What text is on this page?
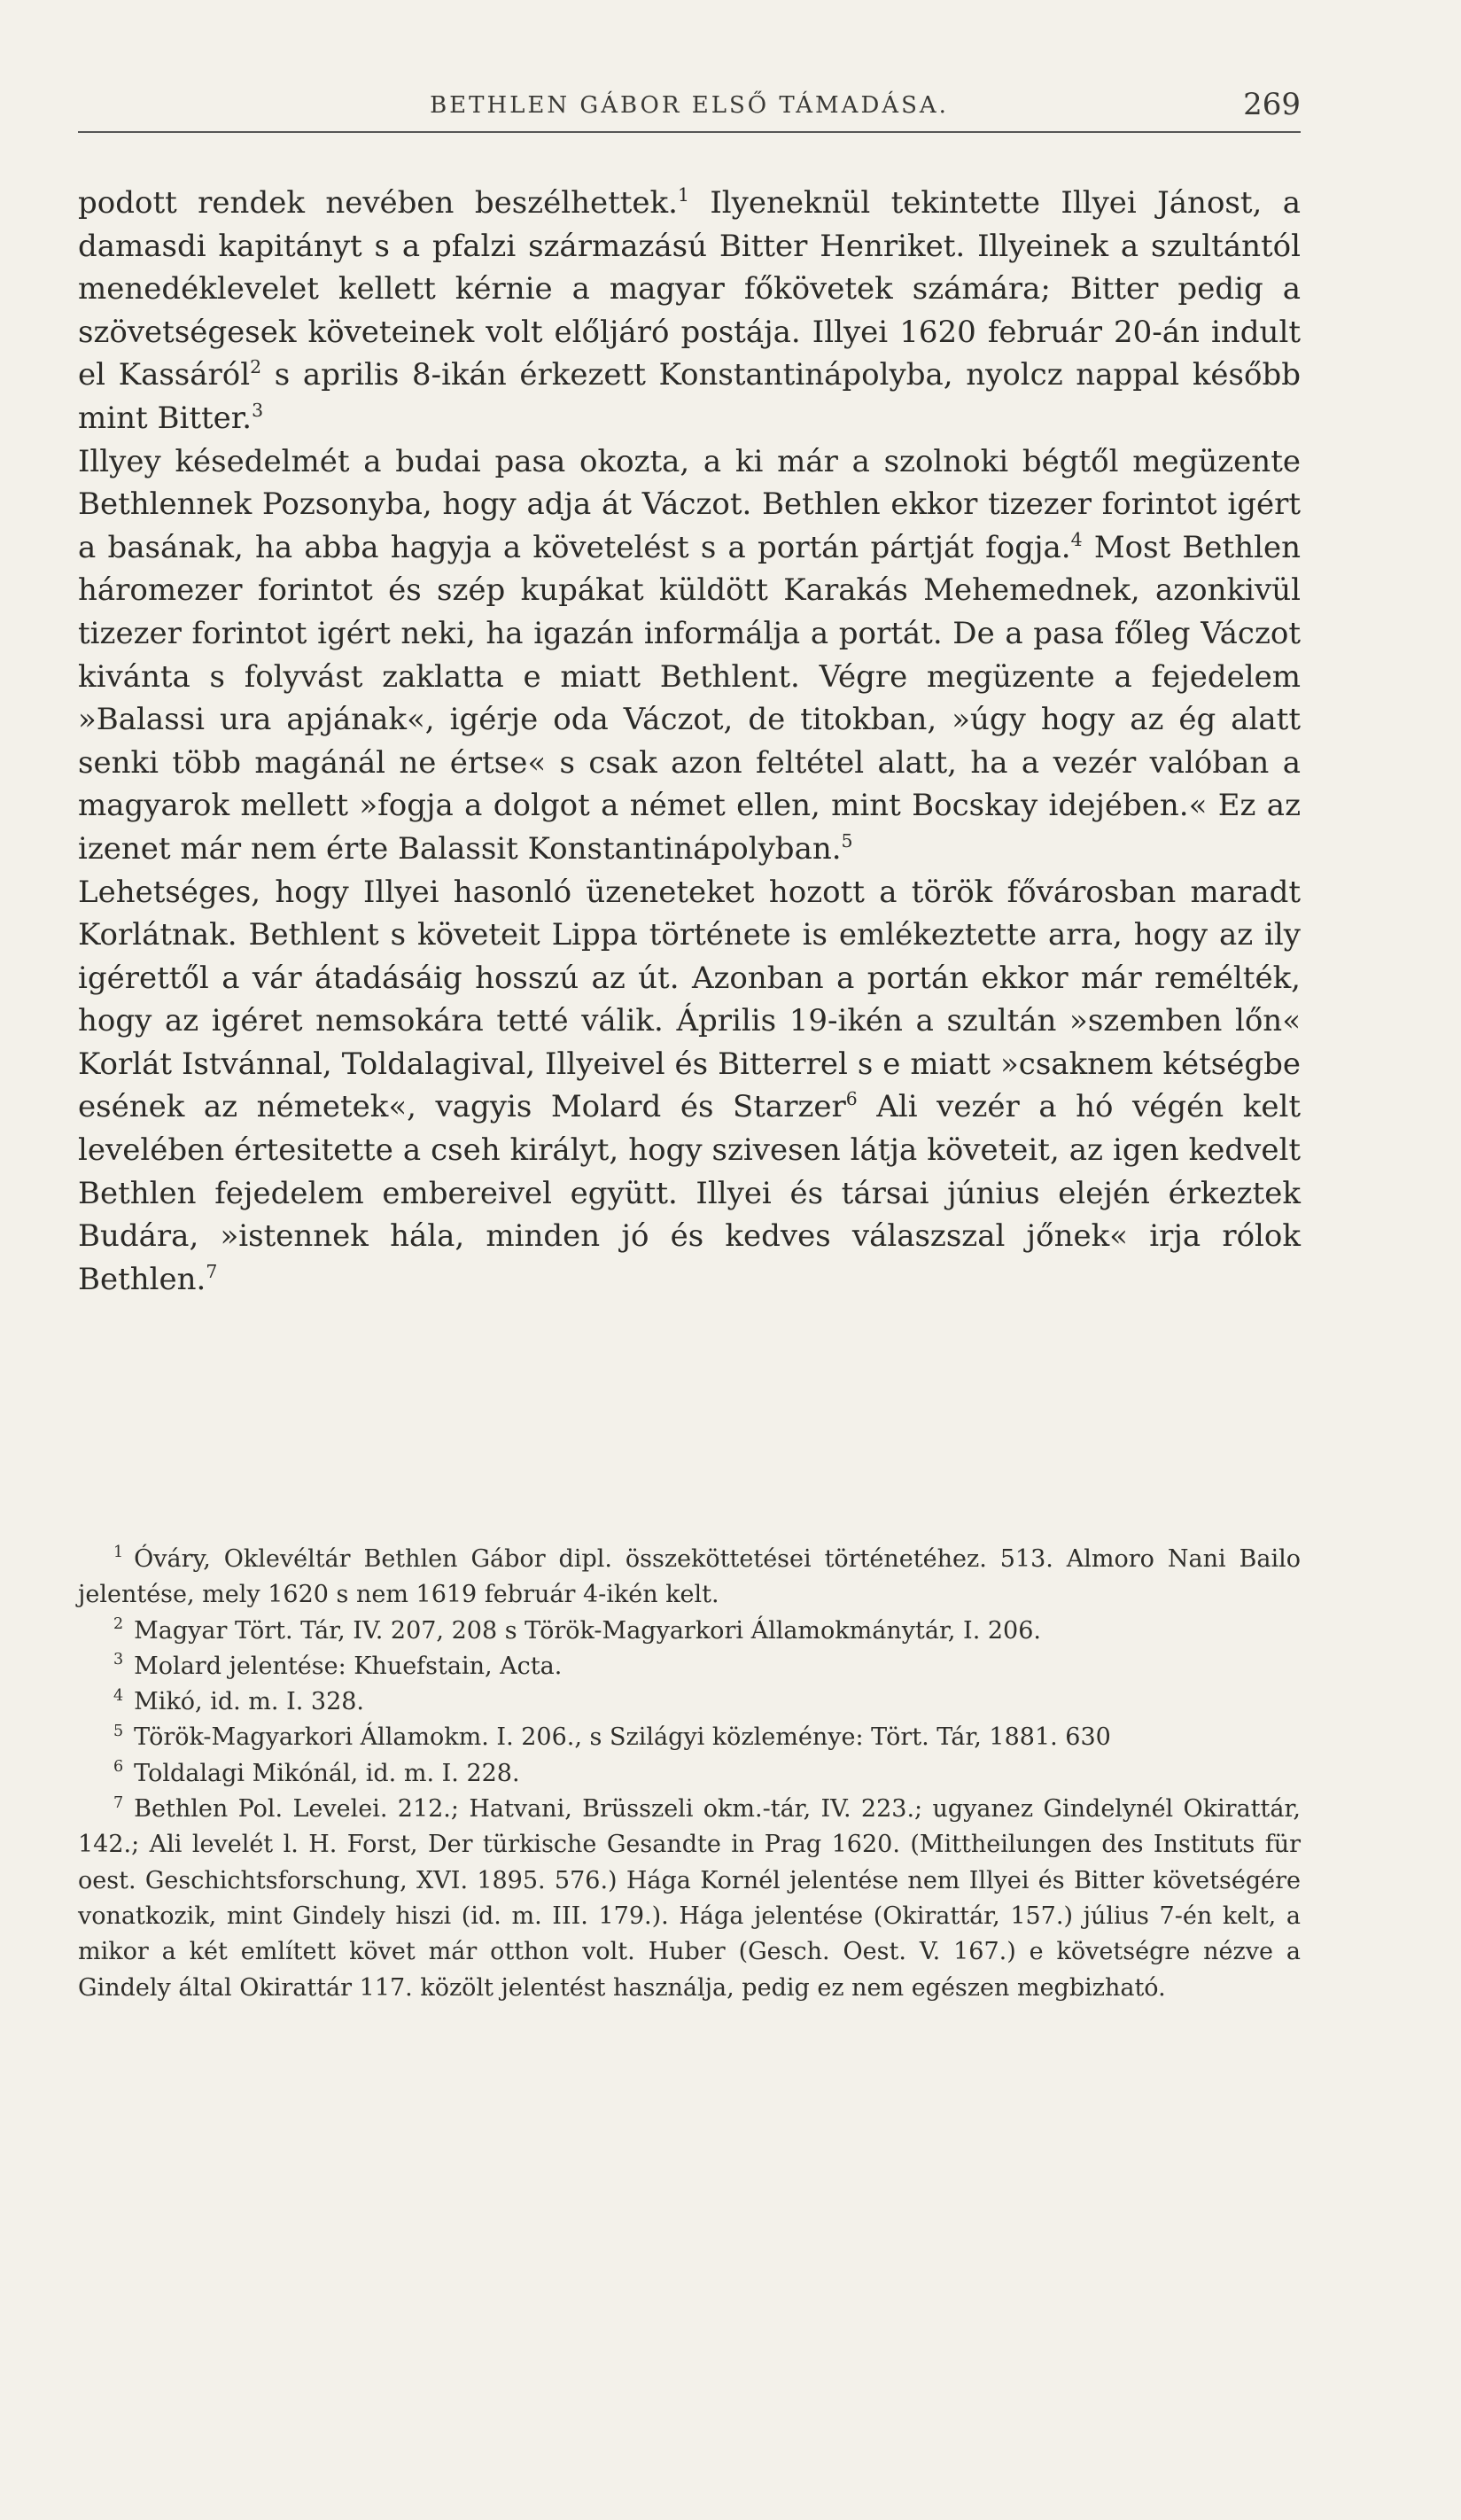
BETHLEN GÁBOR ELSŐ TÁMADÁSA.	269

podott rendek nevében beszélhettek.$^1$ Ilyeneknül tekintette Illyei Jánost, a damasdi kapitányt s a pfalzi származású Bitter Henriket. Illyeinek a szultántól menedéklevelet kellett kérnie a magyar főkövetek számára; Bitter pedig a szövetségesek követeinek volt előljáró postája. Illyei 1620 február 20-án indult el Kassáról$^2$ s aprilis 8-ikán érkezett Konstantinápolyba, nyolcz nappal később mint Bitter.$^3$

Illyey késedelmét a budai pasa okozta, a ki már a szolnoki bégtől megüzente Bethlennek Pozsonyba, hogy adja át Váczot. Bethlen ekkor tizezer forintot igért a basának, ha abba hagyja a követelést s a portán pártját fogja.$^4$ Most Bethlen háromezer forintot és szép kupákat küldött Karakás Mehemednek, azonkivül tizezer forintot igért neki, ha igazán informálja a portát. De a pasa főleg Váczot kivánta s folyvást zaklatta e miatt Bethlent. Végre megüzente a fejedelem »Balassi ura apjának«, igérje oda Váczot, de titokban, »úgy hogy az ég alatt senki több magánál ne értse« s csak azon feltétel alatt, ha a vezér valóban a magyarok mellett »fogja a dolgot a német ellen, mint Bocskay idejében.« Ez az izenet már nem érte Balassit Konstantinápolyban.$^5$

Lehetséges, hogy Illyei hasonló üzeneteket hozott a török fővárosban maradt Korlátnak. Bethlent s követeit Lippa története is emlékeztette arra, hogy az ily igérettől a vár átadásáig hosszú az út. Azonban a portán ekkor már remélték, hogy az igéret nemsokára tetté válik. Április 19-ikén a szultán »szemben lőn« Korlát Istvánnal, Toldalagival, Illyeivel és Bitterrel s e miatt »csaknem kétségbe esének az németek«, vagyis Molard és Starzer$^6$ Ali vezér a hó végén kelt levelében értesitette a cseh királyt, hogy szivesen látja követeit, az igen kedvelt Bethlen fejedelem embereivel együtt. Illyei és társai június elején érkeztek Budára, »istennek hála, minden jó és kedves válaszszal jőnek« irja rólok Bethlen.$^7$

$^1$ Óváry, Oklevéltár Bethlen Gábor dipl. összeköttetései történetéhez. 513. Almoro Nani Bailo jelentése, mely 1620 s nem 1619 február 4-ikén kelt.

$^2$ Magyar Tört. Tár, IV. 207, 208 s Török-Magyarkori Államokmánytár, I. 206.

$^3$ Molard jelentése: Khuefstain, Acta.

$^4$ Mikó, id. m. I. 328.

$^5$ Török-Magyarkori Államokm. I. 206., s Szilágyi közleménye: Tört. Tár, 1881. 630

$^6$ Toldalagi Mikónál, id. m. I. 228.

$^7$ Bethlen Pol. Levelei. 212.; Hatvani, Brüsszeli okm.-tár, IV. 223.; ugyanez Gindelynél Okirattár, 142.; Ali levelét l. H. Forst, Der türkische Gesandte in Prag 1620. (Mittheilungen des Instituts für oest. Geschichtsforschung, XVI. 1895. 576.) Hága Kornél jelentése nem Illyei és Bitter követségére vonatkozik, mint Gindely hiszi (id. m. III. 179.). Hága jelentése (Okirattár, 157.) július 7-én kelt, a mikor a két említett követ már otthon volt. Huber (Gesch. Oest. V. 167.) e követségre nézve a Gindely által Okirattár 117. közölt jelentést használja, pedig ez nem egészen megbizható.
